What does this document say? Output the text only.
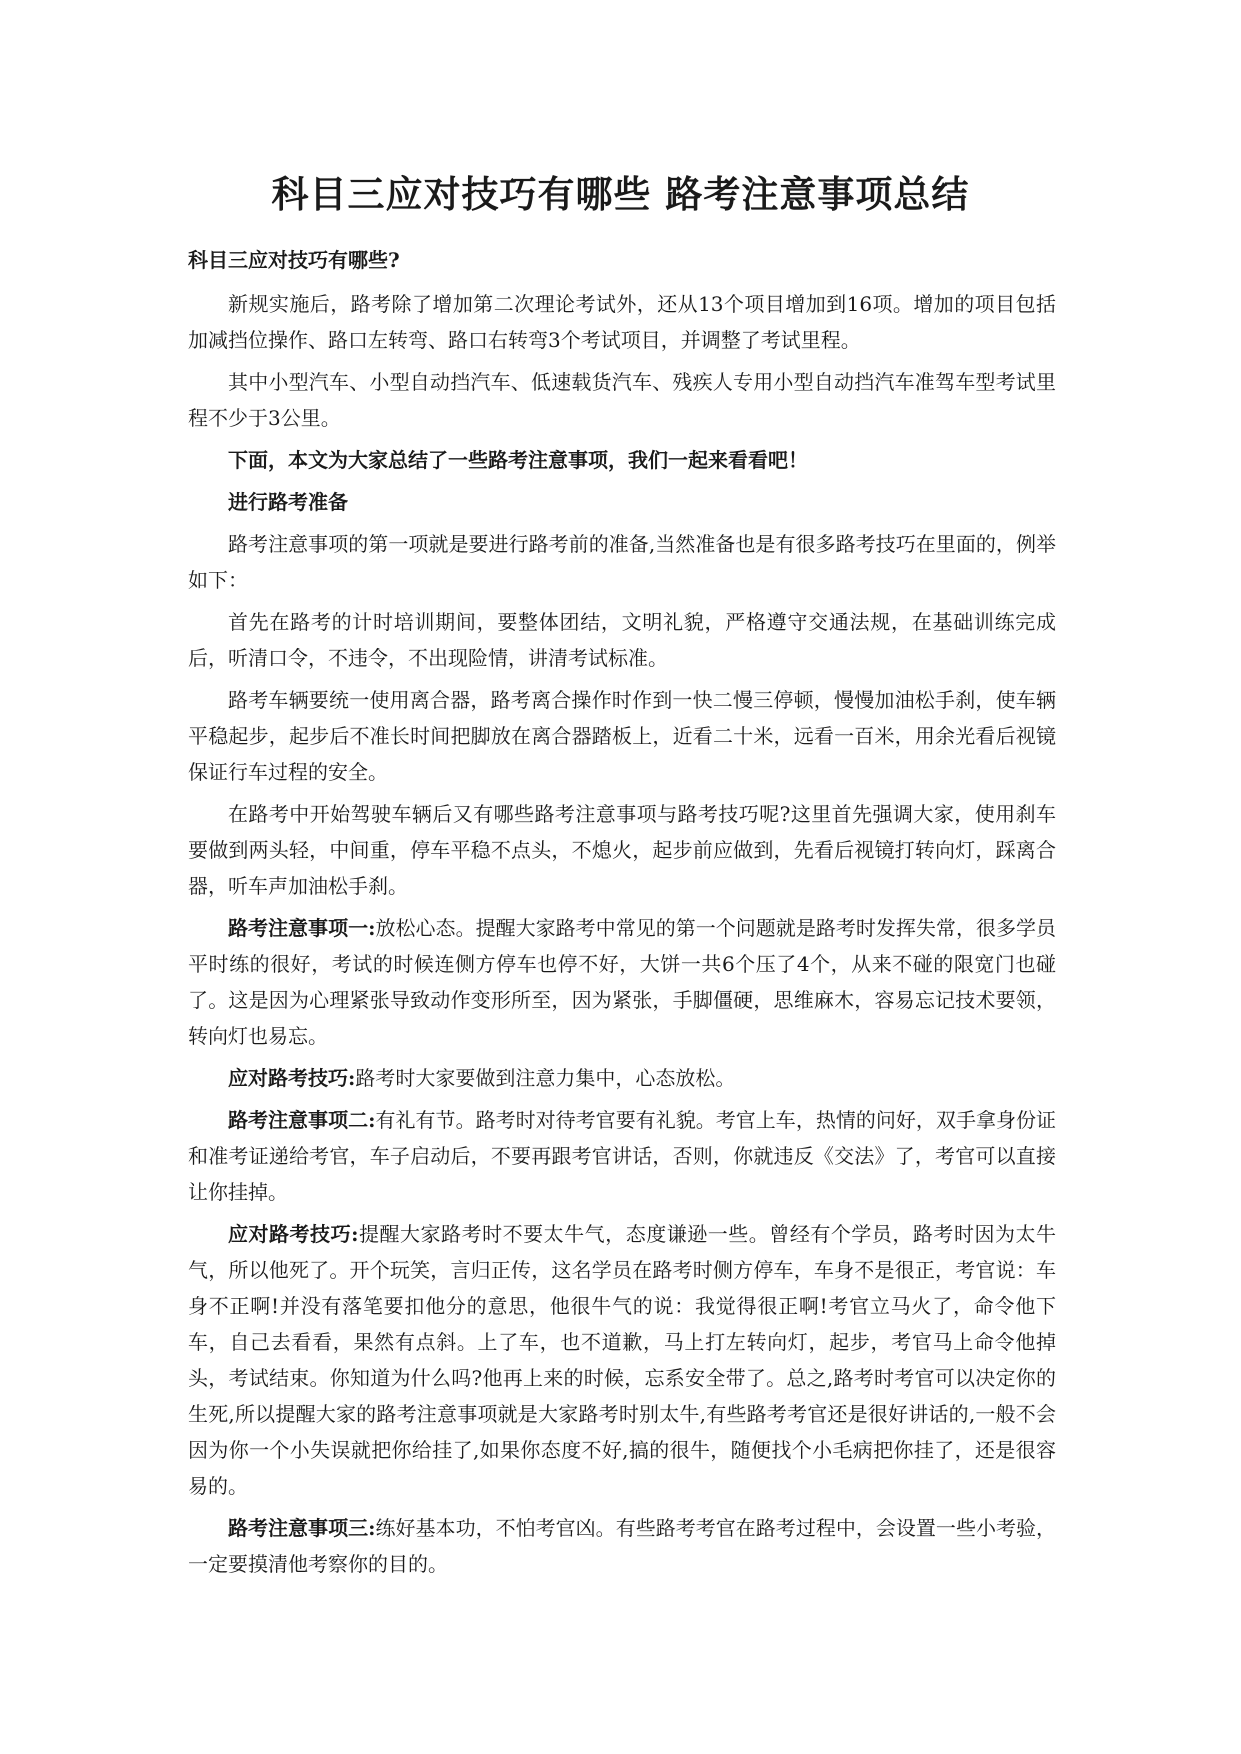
科目三应对技巧有哪些 路考注意事项总结
科目三应对技巧有哪些?

新规实施后，路考除了增加第二次理论考试外，还从13个项目增加到16项。增加的项目包括加减挡位操作、路口左转弯、路口右转弯3个考试项目，并调整了考试里程。

其中小型汽车、小型自动挡汽车、低速载货汽车、残疾人专用小型自动挡汽车准驾车型考试里程不少于3公里。

下面，本文为大家总结了一些路考注意事项，我们一起来看看吧！

进行路考准备

路考注意事项的第一项就是要进行路考前的准备,当然准备也是有很多路考技巧在里面的，例举如下：

首先在路考的计时培训期间，要整体团结，文明礼貌，严格遵守交通法规，在基础训练完成后，听清口令，不违令，不出现险情，讲清考试标准。

路考车辆要统一使用离合器，路考离合操作时作到一快二慢三停顿，慢慢加油松手刹，使车辆平稳起步，起步后不准长时间把脚放在离合器踏板上，近看二十米，远看一百米，用余光看后视镜保证行车过程的安全。

在路考中开始驾驶车辆后又有哪些路考注意事项与路考技巧呢?这里首先强调大家，使用刹车要做到两头轻，中间重，停车平稳不点头，不熄火，起步前应做到，先看后视镜打转向灯，踩离合器，听车声加油松手刹。

路考注意事项一:放松心态。提醒大家路考中常见的第一个问题就是路考时发挥失常，很多学员平时练的很好，考试的时候连侧方停车也停不好，大饼一共6个压了4个，从来不碰的限宽门也碰了。这是因为心理紧张导致动作变形所至，因为紧张，手脚僵硬，思维麻木，容易忘记技术要领，转向灯也易忘。

应对路考技巧:路考时大家要做到注意力集中，心态放松。

路考注意事项二:有礼有节。路考时对待考官要有礼貌。考官上车，热情的问好，双手拿身份证和准考证递给考官，车子启动后，不要再跟考官讲话，否则，你就违反《交法》了，考官可以直接让你挂掉。

应对路考技巧:提醒大家路考时不要太牛气，态度谦逊一些。曾经有个学员，路考时因为太牛气，所以他死了。开个玩笑，言归正传，这名学员在路考时侧方停车，车身不是很正，考官说：车身不正啊!并没有落笔要扣他分的意思，他很牛气的说：我觉得很正啊!考官立马火了，命令他下车，自己去看看，果然有点斜。上了车，也不道歉，马上打左转向灯，起步，考官马上命令他掉头，考试结束。你知道为什么吗?他再上来的时候，忘系安全带了。总之,路考时考官可以决定你的生死,所以提醒大家的路考注意事项就是大家路考时别太牛,有些路考考官还是很好讲话的,一般不会因为你一个小失误就把你给挂了,如果你态度不好,搞的很牛，随便找个小毛病把你挂了，还是很容易的。

路考注意事项三:练好基本功，不怕考官凶。有些路考考官在路考过程中，会设置一些小考验，一定要摸清他考察你的目的。
